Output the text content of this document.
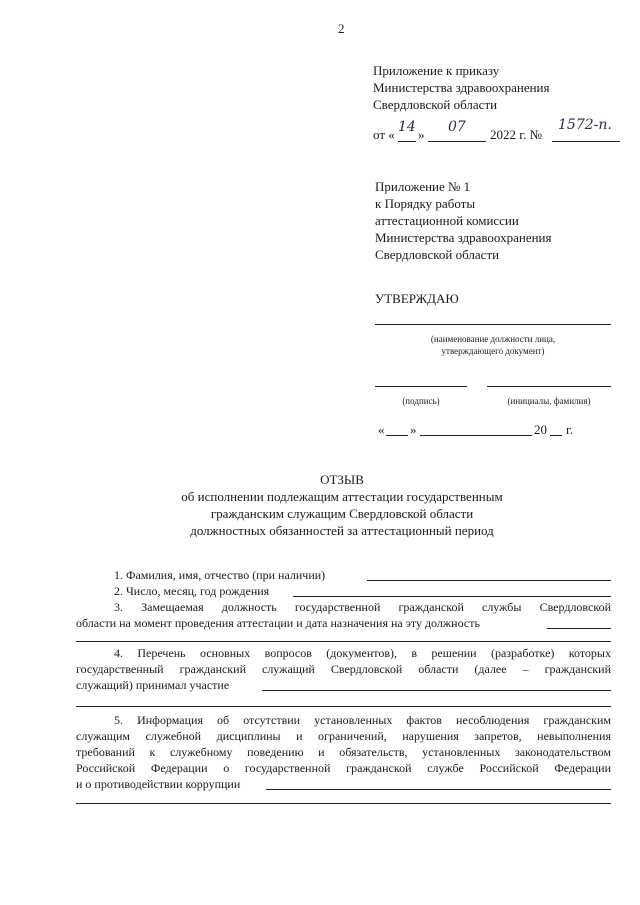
2
Приложение к приказу
Министерства здравоохранения
Свердловской области
от « 14 » 07 2022 г. №
1572-п.
Приложение № 1
к Порядку работы
аттестационной комиссии
Министерства здравоохранения
Свердловской области
УТВЕРЖДАЮ
(наименование должности лица,
утверждающего документ)
(подпись)	(инициалы, фамилия)
« »	20 г.
ОТЗЫВ
об исполнении подлежащим аттестации государственным
гражданским служащим Свердловской области
должностных обязанностей за аттестационный период
1. Фамилия, имя, отчество (при наличии)
2. Число, месяц, год рождения
3. Замещаемая должность государственной гражданской службы Свердловской
области на момент проведения аттестации и дата назначения на эту должность
4. Перечень основных вопросов (документов), в решении (разработке) которых
государственный гражданский служащий Свердловской области (далее – гражданский
служащий) принимал участие
5. Информация об отсутствии установленных фактов несоблюдения гражданским
служащим служебной дисциплины и ограничений, нарушения запретов, невыполнения
требований к служебному поведению и обязательств, установленных законодательством
Российской Федерации о государственной гражданской службе Российской Федерации
и о противодействии коррупции
